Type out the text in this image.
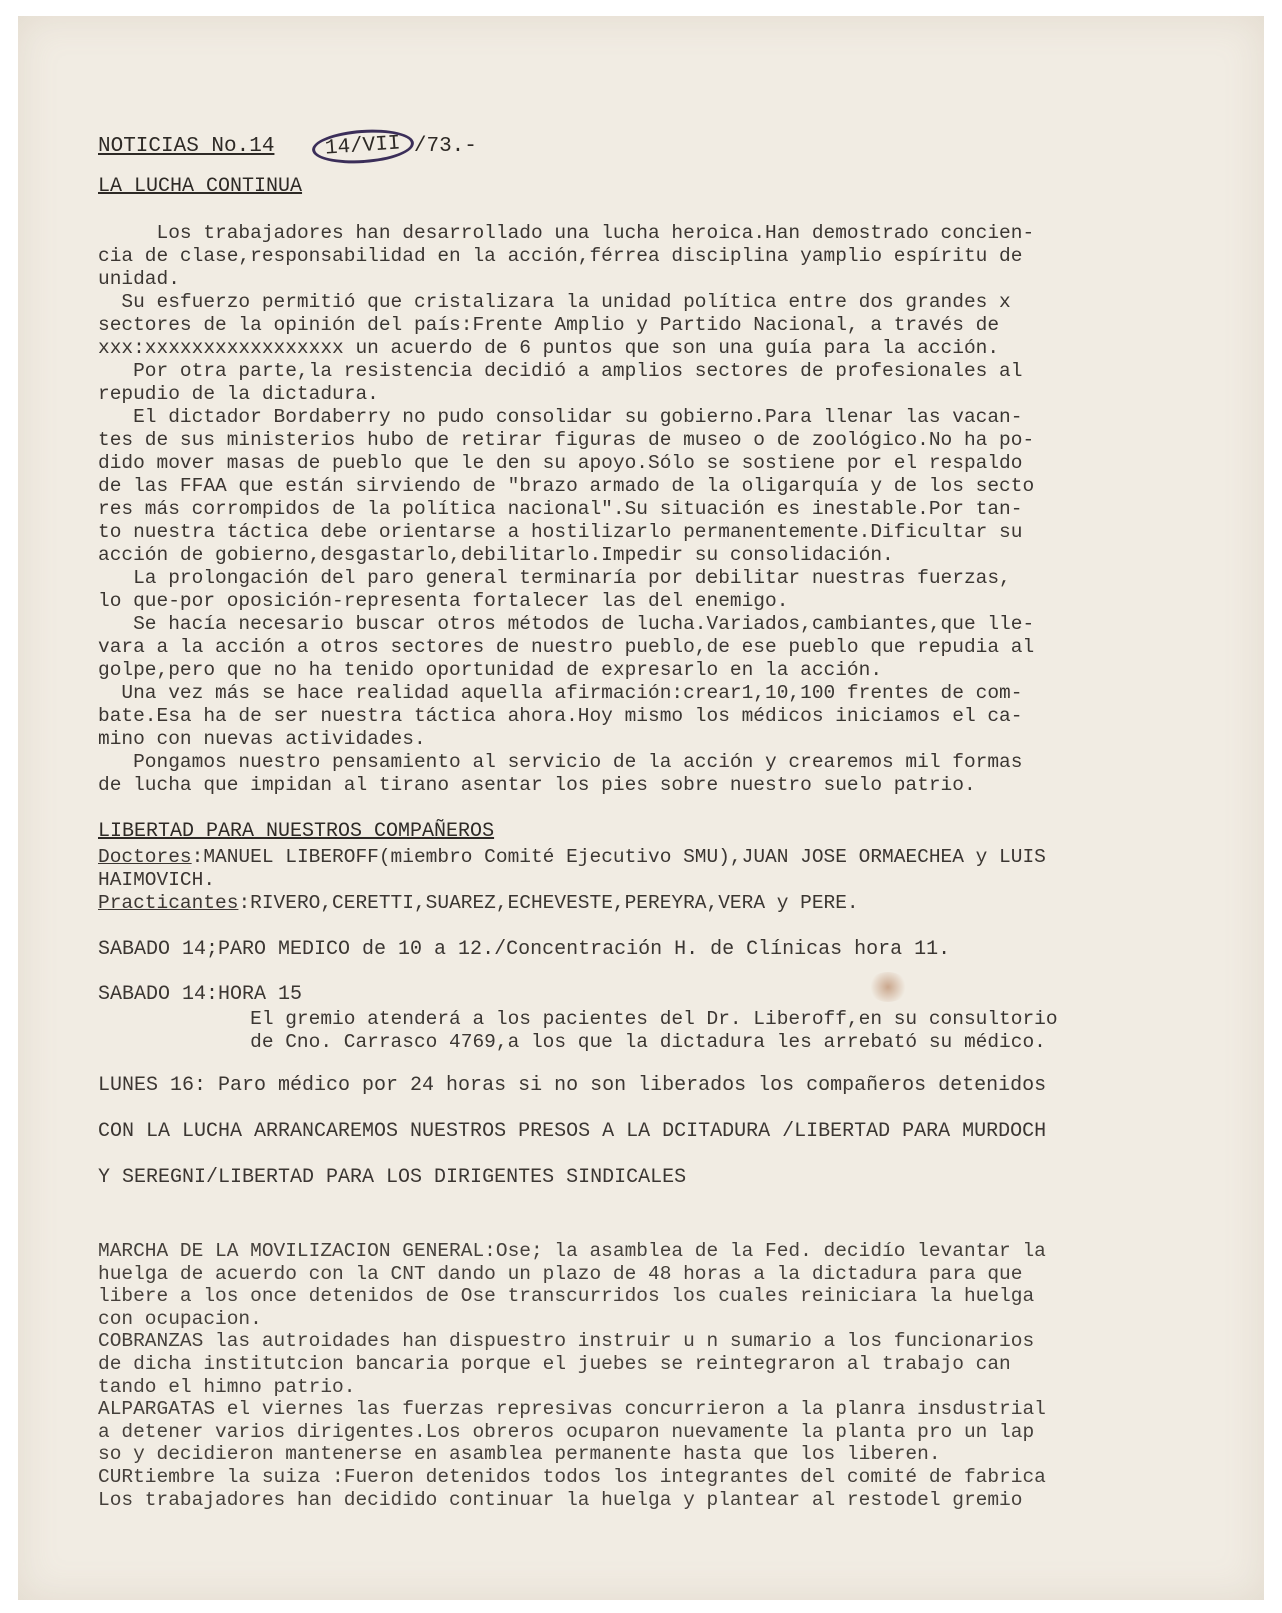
NOTICIAS No.14 14/VII /73.-
LA LUCHA CONTINUA
Los trabajadores han desarrollado una lucha heroica.Han demostrado concien-
cia de clase,responsabilidad en la acción,férrea disciplina yamplio espíritu de
unidad.
Su esfuerzo permitió que cristalizara la unidad política entre dos grandes x
sectores de la opinión del país:Frente Amplio y Partido Nacional, a través de
xxx:xxxxxxxxxxxxxxxxx un acuerdo de 6 puntos que son una guía para la acción.
Por otra parte,la resistencia decidió a amplios sectores de profesionales al
repudio de la dictadura.
El dictador Bordaberry no pudo consolidar su gobierno.Para llenar las vacan-
tes de sus ministerios hubo de retirar figuras de museo o de zoológico.No ha po-
dido mover masas de pueblo que le den su apoyo.Sólo se sostiene por el respaldo
de las FFAA que están sirviendo de "brazo armado de la oligarquía y de los secto
res más corrompidos de la política nacional".Su situación es inestable.Por tan-
to nuestra táctica debe orientarse a hostilizarlo permanentemente.Dificultar su
acción de gobierno,desgastarlo,debilitarlo.Impedir su consolidación.
La prolongación del paro general terminaría por debilitar nuestras fuerzas,
lo que-por oposición-representa fortalecer las del enemigo.
Se hacía necesario buscar otros métodos de lucha.Variados,cambiantes,que lle-
vara a la acción a otros sectores de nuestro pueblo,de ese pueblo que repudia al
golpe,pero que no ha tenido oportunidad de expresarlo en la acción.
Una vez más se hace realidad aquella afirmación:crear1,10,100 frentes de com-
bate.Esa ha de ser nuestra táctica ahora.Hoy mismo los médicos iniciamos el ca-
mino con nuevas actividades.
Pongamos nuestro pensamiento al servicio de la acción y crearemos mil formas
de lucha que impidan al tirano asentar los pies sobre nuestro suelo patrio.
LIBERTAD PARA NUESTROS COMPAÑEROS
Doctores:MANUEL LIBEROFF(miembro Comité Ejecutivo SMU),JUAN JOSE ORMAECHEA y LUIS
HAIMOVICH.
Practicantes:RIVERO,CERETTI,SUAREZ,ECHEVESTE,PEREYRA,VERA y PERE.
SABADO 14;PARO MEDICO de 10 a 12./Concentración H. de Clínicas hora 11.
SABADO 14:HORA 15
El gremio atenderá a los pacientes del Dr. Liberoff,en su consultorio
de Cno. Carrasco 4769,a los que la dictadura les arrebató su médico.
LUNES 16: Paro médico por 24 horas si no son liberados los compañeros detenidos
CON LA LUCHA ARRANCAREMOS NUESTROS PRESOS A LA DCITADURA /LIBERTAD PARA MURDOCH
Y SEREGNI/LIBERTAD PARA LOS DIRIGENTES SINDICALES
MARCHA DE LA MOVILIZACION GENERAL:Ose; la asamblea de la Fed. decidío levantar la
huelga de acuerdo con la CNT dando un plazo de 48 horas a la dictadura para que
libere a los once detenidos de Ose transcurridos los cuales reiniciara la huelga
con ocupacion.
COBRANZAS las autroidades han dispuestro instruir u n sumario a los funcionarios
de dicha institutcion bancaria porque el juebes se reintegraron al trabajo can
tando el himno patrio.
ALPARGATAS el viernes las fuerzas represivas concurrieron a la planra insdustrial
a detener varios dirigentes.Los obreros ocuparon nuevamente la planta pro un lap
so y decidieron mantenerse en asamblea permanente hasta que los liberen.
CURtiembre la suiza :Fueron detenidos todos los integrantes del comité de fabrica
Los trabajadores han decidido continuar la huelga y plantear al restodel gremio
